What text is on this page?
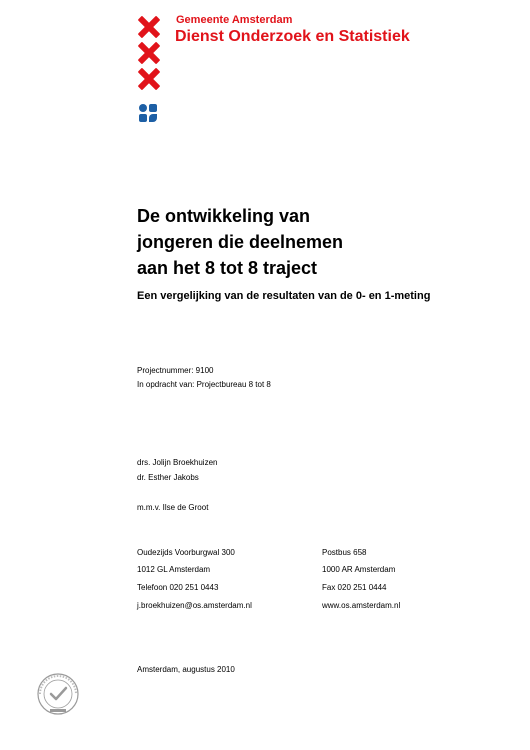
Gemeente Amsterdam
Dienst Onderzoek en Statistiek
De ontwikkeling van
jongeren die deelnemen
aan het 8 tot 8 traject
Een vergelijking van de resultaten van de 0- en 1-meting
Projectnummer: 9100
In opdracht van: Projectbureau 8 tot 8
drs. Jolijn Broekhuizen
dr. Esther Jakobs
m.m.v. Ilse de Groot
Oudezijds Voorburgwal 300
1012 GL Amsterdam
Telefoon 020 251 0443
j.broekhuizen@os.amsterdam.nl
Postbus 658
1000 AR Amsterdam
Fax 020 251 0444
www.os.amsterdam.nl
Amsterdam, augustus 2010
